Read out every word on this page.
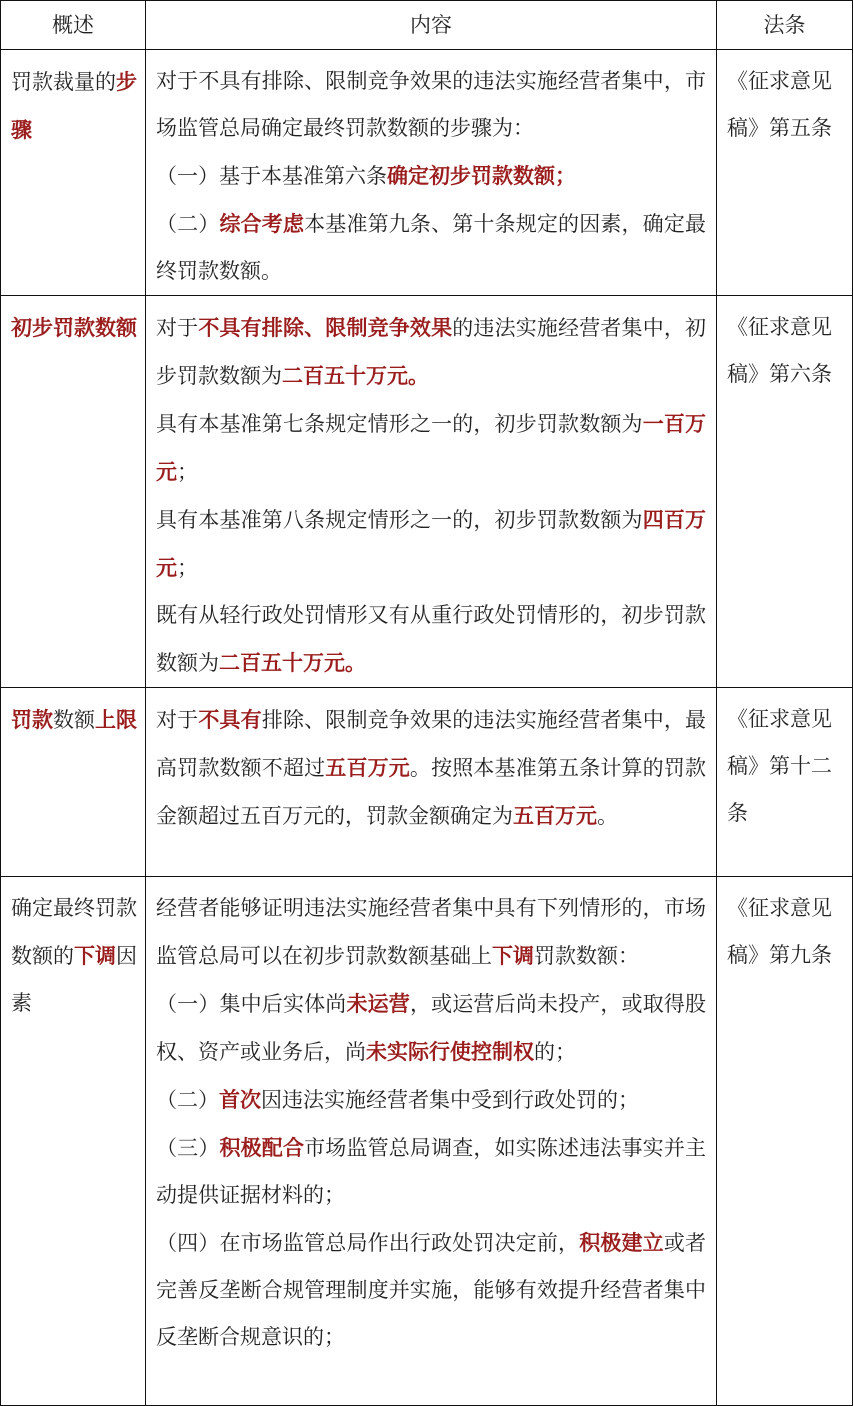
概述	内容	法条
罚款裁量的步骤	对于不具有排除、限制竞争效果的违法实施经营者集中，市场监管总局确定最终罚款数额的步骤为：
（一）基于本基准第六条确定初步罚款数额；
（二）综合考虑本基准第九条、第十条规定的因素，确定最终罚款数额。	《征求意见稿》第五条
初步罚款数额	对于不具有排除、限制竞争效果的违法实施经营者集中，初步罚款数额为二百五十万元。
具有本基准第七条规定情形之一的，初步罚款数额为一百万元；
具有本基准第八条规定情形之一的，初步罚款数额为四百万元；
既有从轻行政处罚情形又有从重行政处罚情形的，初步罚款数额为二百五十万元。	《征求意见稿》第六条
罚款数额上限	对于不具有排除、限制竞争效果的违法实施经营者集中，最高罚款数额不超过五百万元。按照本基准第五条计算的罚款金额超过五百万元的，罚款金额确定为五百万元。	《征求意见稿》第十二条
确定最终罚款数额的下调因素	经营者能够证明违法实施经营者集中具有下列情形的，市场监管总局可以在初步罚款数额基础上下调罚款数额：
（一）集中后实体尚未运营，或运营后尚未投产，或取得股权、资产或业务后，尚未实际行使控制权的；
（二）首次因违法实施经营者集中受到行政处罚的；
（三）积极配合市场监管总局调查，如实陈述违法事实并主动提供证据材料的；
（四）在市场监管总局作出行政处罚决定前，积极建立或者完善反垄断合规管理制度并实施，能够有效提升经营者集中反垄断合规意识的；	《征求意见稿》第九条
